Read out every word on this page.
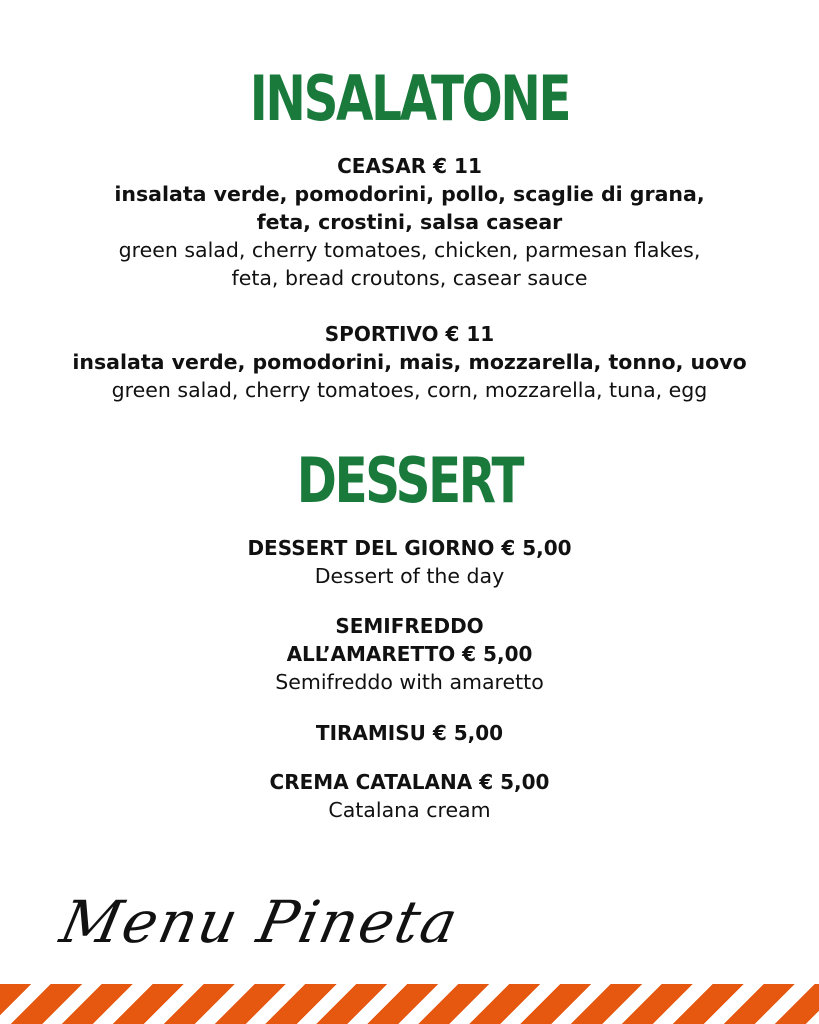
INSALATONE
CEASAR € 11
insalata verde, pomodorini, pollo, scaglie di grana,
feta, crostini, salsa casear
green salad, cherry tomatoes, chicken, parmesan flakes,
feta, bread croutons, casear sauce
SPORTIVO € 11
insalata verde, pomodorini, mais, mozzarella, tonno, uovo
green salad, cherry tomatoes, corn, mozzarella, tuna, egg
DESSERT
DESSERT DEL GIORNO € 5,00
Dessert of the day
SEMIFREDDO
ALL’AMARETTO € 5,00
Semifreddo with amaretto
TIRAMISU € 5,00
CREMA CATALANA € 5,00
Catalana cream
Menu Pineta
